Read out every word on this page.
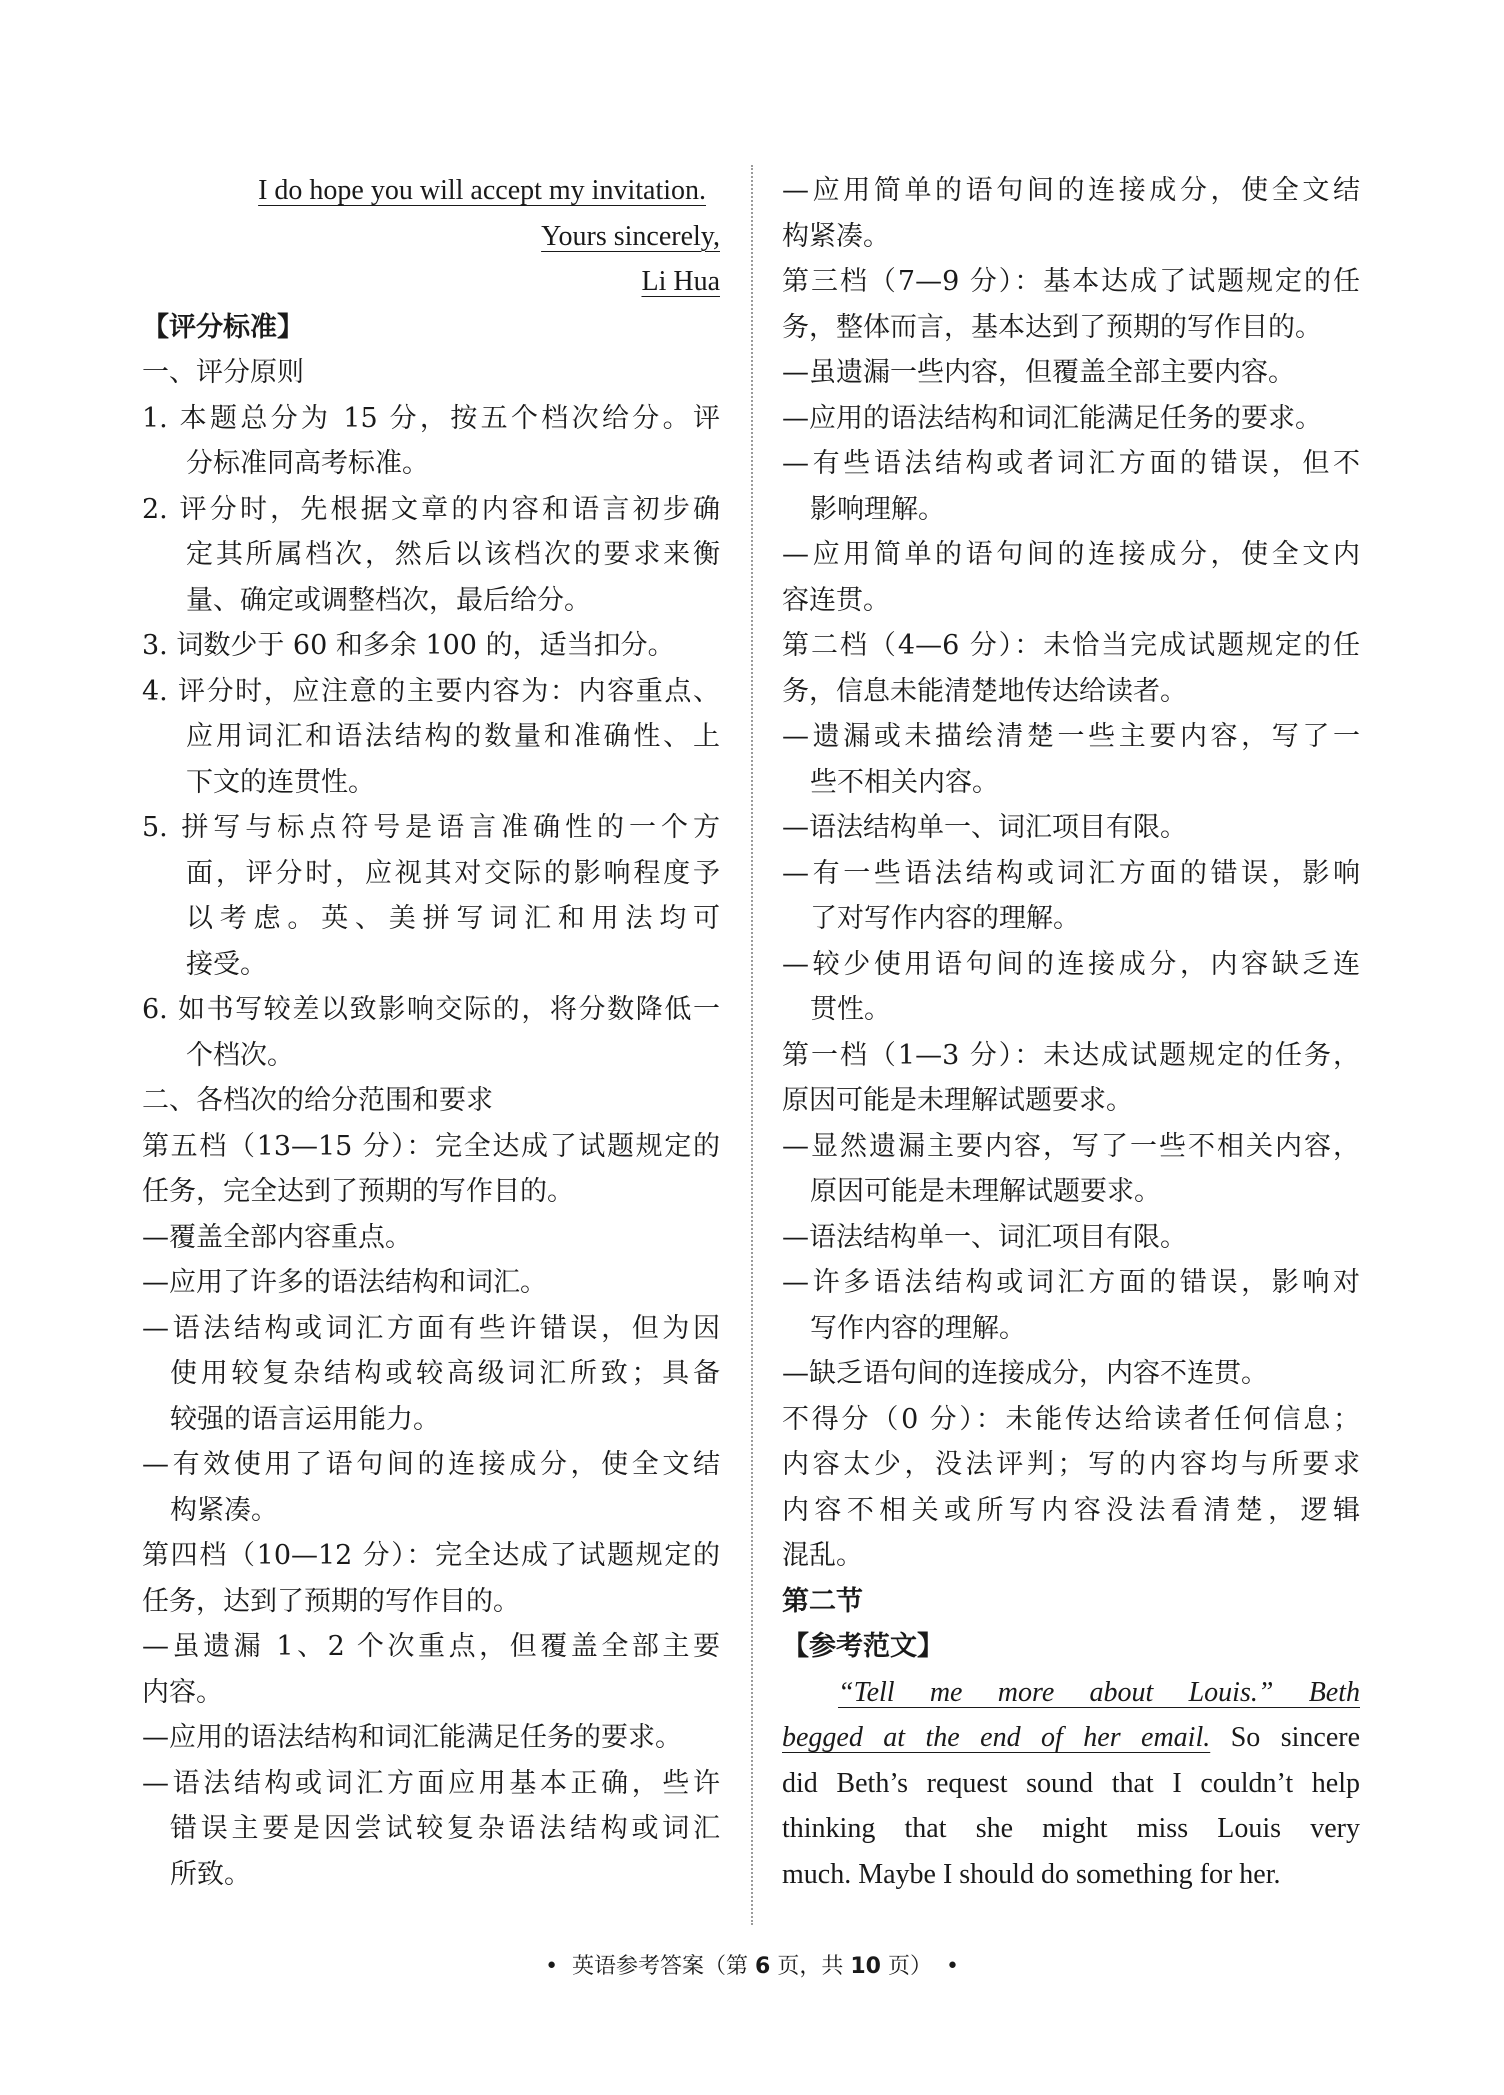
I do hope you will accept my invitation.
Yours sincerely,
Li Hua
【评分标准】
一、评分原则
1. 本题总分为 15 分，按五个档次给分。评
分标准同高考标准。
2. 评分时，先根据文章的内容和语言初步确
定其所属档次，然后以该档次的要求来衡
量、确定或调整档次，最后给分。
3. 词数少于 60 和多余 100 的，适当扣分。
4. 评分时，应注意的主要内容为：内容重点、
应用词汇和语法结构的数量和准确性、上
下文的连贯性。
5. 拼写与标点符号是语言准确性的一个方
面，评分时，应视其对交际的影响程度予
以考虑。英、美拼写词汇和用法均可
接受。
6. 如书写较差以致影响交际的，将分数降低一
个档次。
二、各档次的给分范围和要求
第五档（13—15 分）：完全达成了试题规定的
任务，完全达到了预期的写作目的。
—覆盖全部内容重点。
—应用了许多的语法结构和词汇。
—语法结构或词汇方面有些许错误，但为因
使用较复杂结构或较高级词汇所致；具备
较强的语言运用能力。
—有效使用了语句间的连接成分，使全文结
构紧凑。
第四档（10—12 分）：完全达成了试题规定的
任务，达到了预期的写作目的。
—虽遗漏 1、2 个次重点，但覆盖全部主要
内容。
—应用的语法结构和词汇能满足任务的要求。
—语法结构或词汇方面应用基本正确，些许
错误主要是因尝试较复杂语法结构或词汇
所致。
—应用简单的语句间的连接成分，使全文结
构紧凑。
第三档（7—9 分）：基本达成了试题规定的任
务，整体而言，基本达到了预期的写作目的。
—虽遗漏一些内容，但覆盖全部主要内容。
—应用的语法结构和词汇能满足任务的要求。
—有些语法结构或者词汇方面的错误，但不
影响理解。
—应用简单的语句间的连接成分，使全文内
容连贯。
第二档（4—6 分）：未恰当完成试题规定的任
务，信息未能清楚地传达给读者。
—遗漏或未描绘清楚一些主要内容，写了一
些不相关内容。
—语法结构单一、词汇项目有限。
—有一些语法结构或词汇方面的错误，影响
了对写作内容的理解。
—较少使用语句间的连接成分，内容缺乏连
贯性。
第一档（1—3 分）：未达成试题规定的任务，
原因可能是未理解试题要求。
—显然遗漏主要内容，写了一些不相关内容，
原因可能是未理解试题要求。
—语法结构单一、词汇项目有限。
—许多语法结构或词汇方面的错误，影响对
写作内容的理解。
—缺乏语句间的连接成分，内容不连贯。
不得分（0 分）：未能传达给读者任何信息；
内容太少，没法评判；写的内容均与所要求
内容不相关或所写内容没法看清楚，逻辑
混乱。
第二节
【参考范文】
“Tell me more about Louis.” Beth
begged at the end of her email. So sincere
did Beth’s request sound that I couldn’t help
thinking that she might miss Louis very
much. Maybe I should do something for her.
•  英语参考答案（第 6 页，共 10 页）  •
